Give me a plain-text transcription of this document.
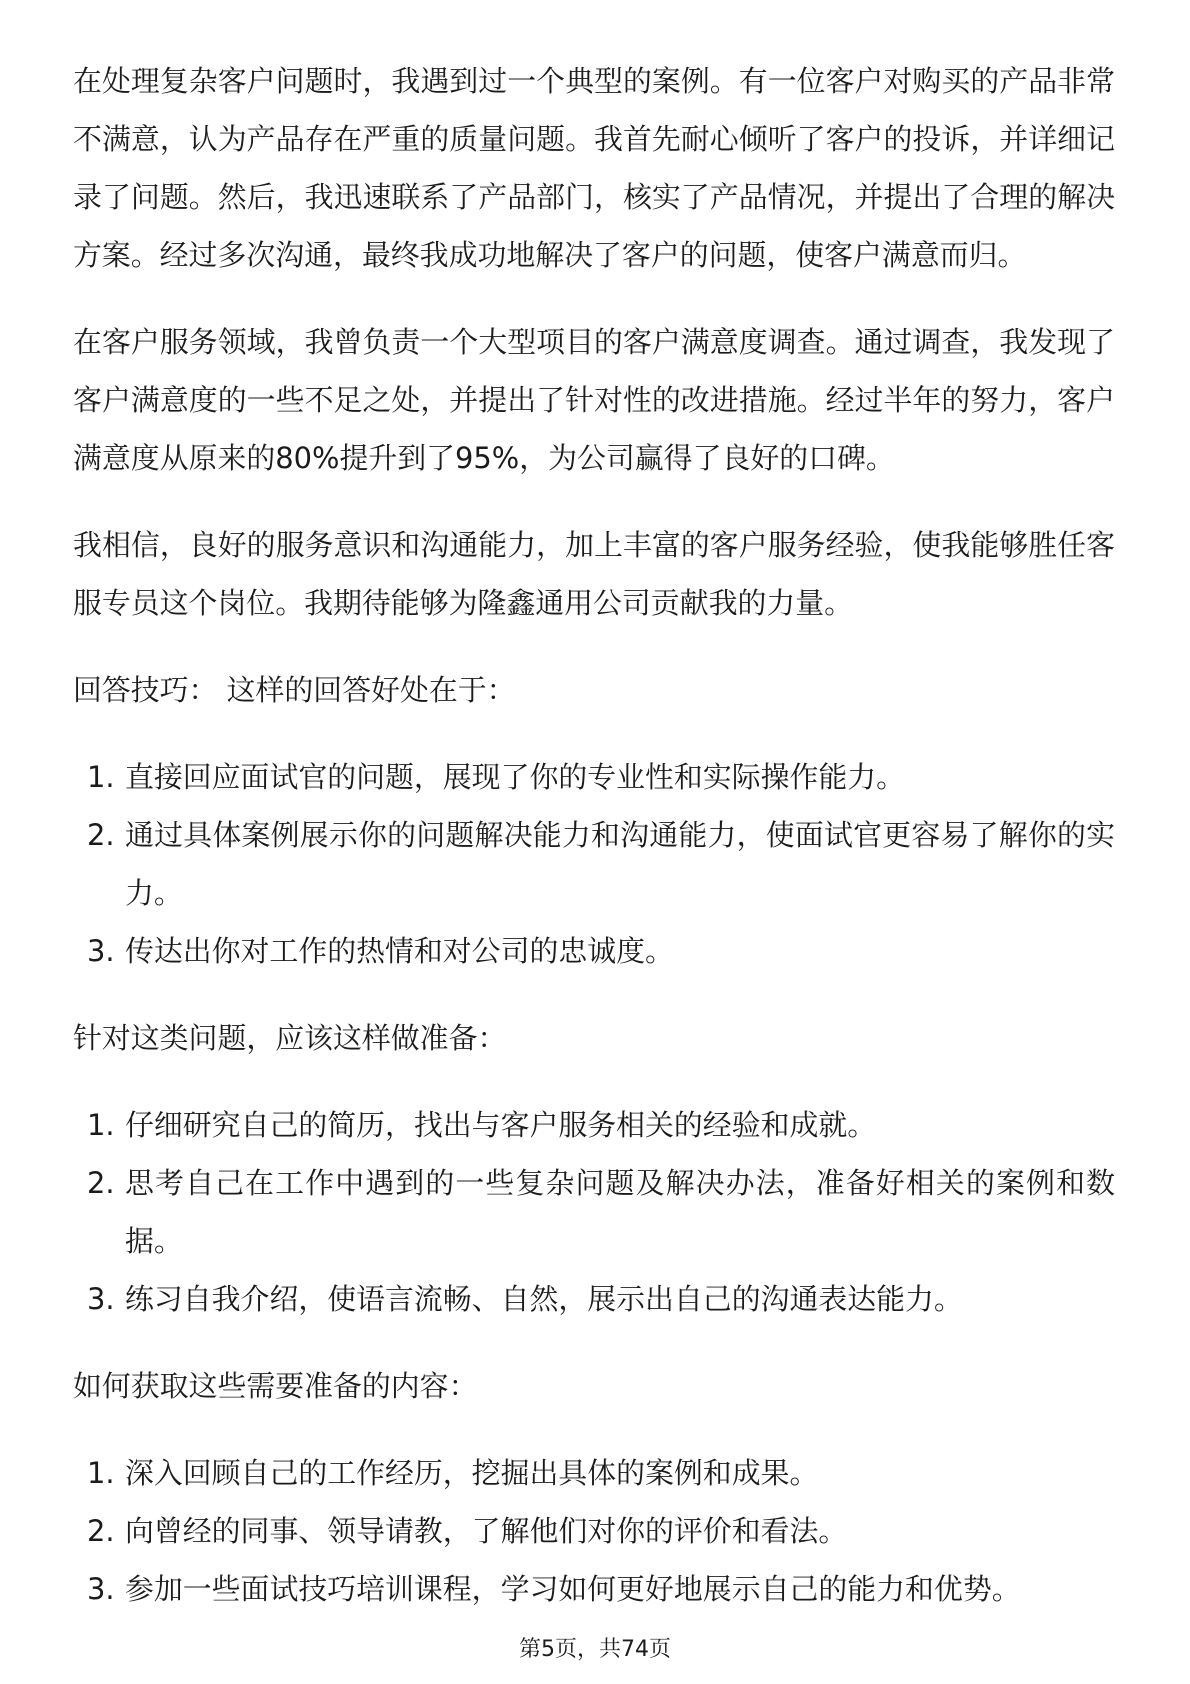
在处理复杂客户问题时，我遇到过一个典型的案例。有一位客户对购买的产品非常不满意，认为产品存在严重的质量问题。我首先耐心倾听了客户的投诉，并详细记录了问题。然后，我迅速联系了产品部门，核实了产品情况，并提出了合理的解决方案。经过多次沟通，最终我成功地解决了客户的问题，使客户满意而归。

在客户服务领域，我曾负责一个大型项目的客户满意度调查。通过调查，我发现了客户满意度的一些不足之处，并提出了针对性的改进措施。经过半年的努力，客户满意度从原来的80%提升到了95%，为公司赢得了良好的口碑。

我相信，良好的服务意识和沟通能力，加上丰富的客户服务经验，使我能够胜任客服专员这个岗位。我期待能够为隆鑫通用公司贡献我的力量。

回答技巧： 这样的回答好处在于：
1. 直接回应面试官的问题，展现了你的专业性和实际操作能力。
2. 通过具体案例展示你的问题解决能力和沟通能力，使面试官更容易了解你的实力。
3. 传达出你对工作的热情和对公司的忠诚度。
针对这类问题，应该这样做准备：
1. 仔细研究自己的简历，找出与客户服务相关的经验和成就。
2. 思考自己在工作中遇到的一些复杂问题及解决办法，准备好相关的案例和数据。
3. 练习自我介绍，使语言流畅、自然，展示出自己的沟通表达能力。
如何获取这些需要准备的内容：
1. 深入回顾自己的工作经历，挖掘出具体的案例和成果。
2. 向曾经的同事、领导请教，了解他们对你的评价和看法。
3. 参加一些面试技巧培训课程，学习如何更好地展示自己的能力和优势。
第5页，共74页
